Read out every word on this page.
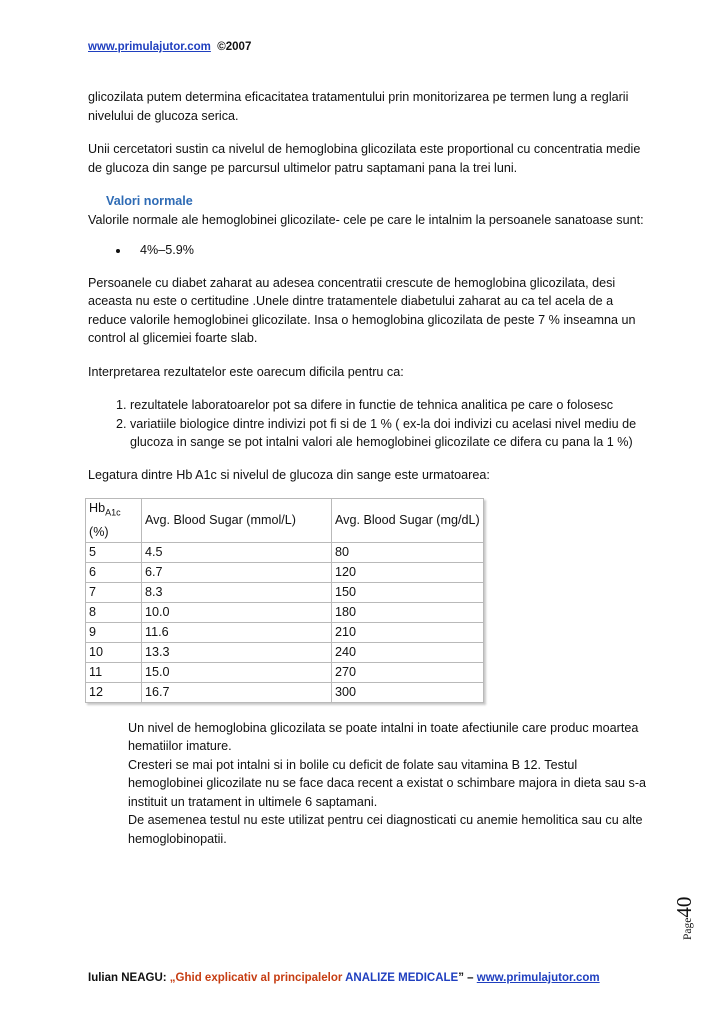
www.primulajutor.com ©2007

glicozilata putem determina eficacitatea tratamentului prin monitorizarea pe termen lung a reglarii nivelului de glucoza serica.

Unii cercetatori sustin ca nivelul de hemoglobina glicozilata este proportional cu concentratia medie de glucoza din sange pe parcursul ultimelor patru saptamani pana la trei luni.

Valori normale

Valorile normale ale hemoglobinei glicozilate- cele pe care le intalnim la persoanele sanatoase sunt:

• 4%–5.9%

Persoanele cu diabet zaharat au adesea concentratii crescute de hemoglobina glicozilata, desi aceasta nu este o certitudine .Unele dintre tratamentele diabetului zaharat au ca tel acela de a reduce valorile hemoglobinei glicozilate. Insa o hemoglobina glicozilata de peste 7 % inseamna un control al glicemiei foarte slab.

Interpretarea rezultatelor este oarecum dificila pentru ca:

1. rezultatele laboratoarelor pot sa difere in functie de tehnica analitica pe care o folosesc
2. variatiile biologice dintre indivizi pot fi si de 1 % ( ex-la doi indivizi cu acelasi nivel mediu de glucoza in sange se pot intalni valori ale hemoglobinei glicozilate ce difera cu pana la 1 %)

Legatura dintre Hb A1c si nivelul de glucoza din sange este urmatoarea:

$Hb_{A1c}$ (%)	Avg. Blood Sugar (mmol/L)	Avg. Blood Sugar (mg/dL)
5	4.5	80
6	6.7	120
7	8.3	150
8	10.0	180
9	11.6	210
10	13.3	240
11	15.0	270
12	16.7	300

Un nivel de hemoglobina glicozilata se poate intalni in toate afectiunile care produc moartea hematiilor imature.

Cresteri se mai pot intalni si in bolile cu deficit de folate sau vitamina B 12. Testul hemoglobinei glicozilate nu se face daca recent a existat o schimbare majora in dieta sau s-a instituit un tratament in ultimele 6 saptamani.

De asemenea testul nu este utilizat pentru cei diagnosticati cu anemie hemolitica sau cu alte hemoglobinopatii.

Page40
Iulian NEAGU: „Ghid explicativ al principalelor ANALIZE MEDICALE” – www.primulajutor.com
